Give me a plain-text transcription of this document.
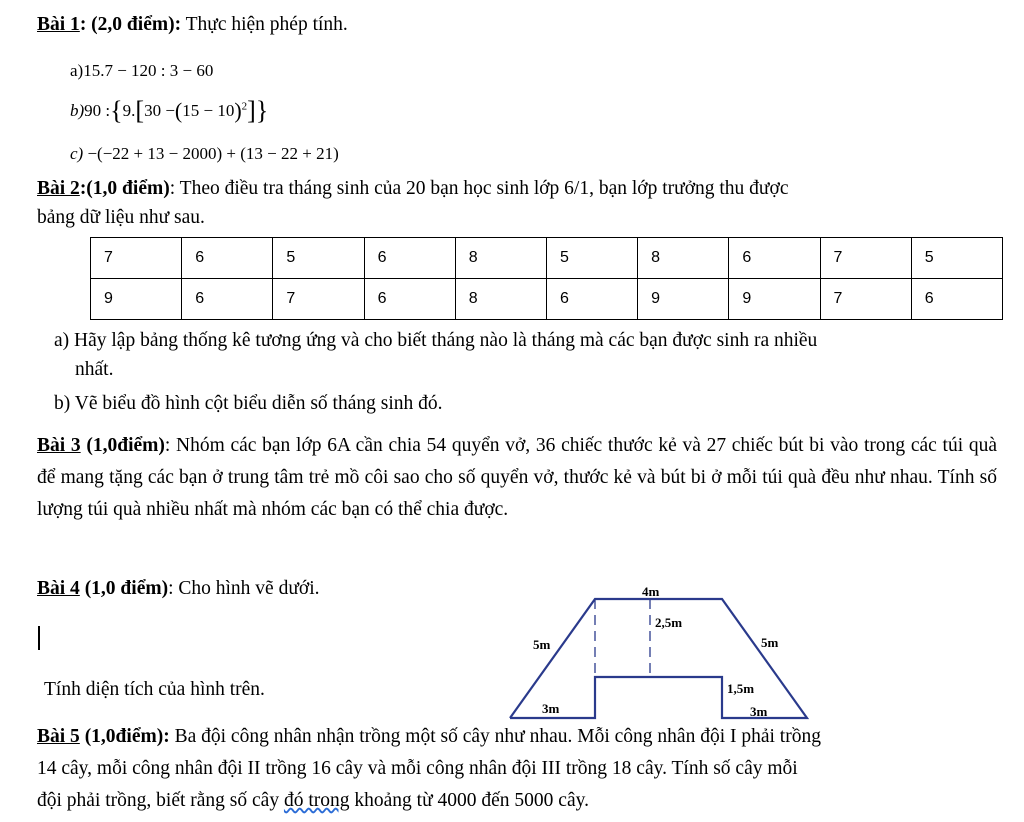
Bài 1: (2,0 điểm): Thực hiện phép tính.
a)15.7 − 120 : 3 − 60
b)90 :{9.[30 $-(15 - 10)^2$]}
c) −(−22 + 13 − 2000) + (13 − 22 + 21)
Bài 2:(1,0 điểm): Theo điều tra tháng sinh của 20 bạn học sinh lớp 6/1, bạn lớp trưởng thu được
bảng dữ liệu như sau.
7	6	5	6	8	5	8	6	7	5
9	6	7	6	8	6	9	9	7	6
a) Hãy lập bảng thống kê tương ứng và cho biết tháng nào là tháng mà các bạn được sinh ra nhiều
nhất.
b) Vẽ biểu đồ hình cột biểu diễn số tháng sinh đó.
Bài 3 (1,0điểm): Nhóm các bạn lớp 6A cần chia 54 quyển vở, 36 chiếc thước kẻ và 27 chiếc bút bi vào trong các túi quà để mang tặng các bạn ở trung tâm trẻ mồ côi sao cho số quyển vở, thước kẻ và bút bi ở mỗi túi quà đều như nhau. Tính số lượng túi quà nhiều nhất mà nhóm các bạn có thể chia được.
Bài 4 (1,0 điểm): Cho hình vẽ dưới.
Tính diện tích của hình trên.
4m
2,5m
5m	5m
1,5m
3m	3m
Bài 5 (1,0điểm): Ba đội công nhân nhận trồng một số cây như nhau. Mỗi công nhân đội I phải trồng
14 cây, mỗi công nhân đội II trồng 16 cây và mỗi công nhân đội III trồng 18 cây. Tính số cây mỗi
đội phải trồng, biết rằng số cây đó trong khoảng từ 4000 đến 5000 cây.
